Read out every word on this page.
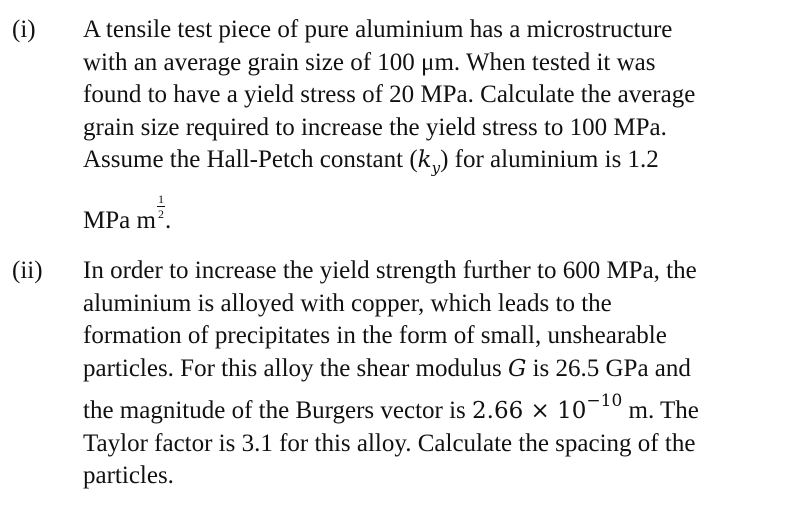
(i) A tensile test piece of pure aluminium has a microstructure
with an average grain size of 100 μm. When tested it was
found to have a yield stress of 20 MPa. Calculate the average
grain size required to increase the yield stress to 100 MPa.
Assume the Hall-Petch constant $(k_y)$ for aluminium is 1.2
MPa m
$\frac{1}{2}$
.
(ii) In order to increase the yield strength further to 600 MPa, the
aluminium is alloyed with copper, which leads to the
formation of precipitates in the form of small, unshearable
particles. For this alloy the shear modulus G is 26.5 GPa and
the magnitude of the Burgers vector is $2.66 \times 10^{-10}$ m. The
Taylor factor is 3.1 for this alloy. Calculate the spacing of the
particles.
